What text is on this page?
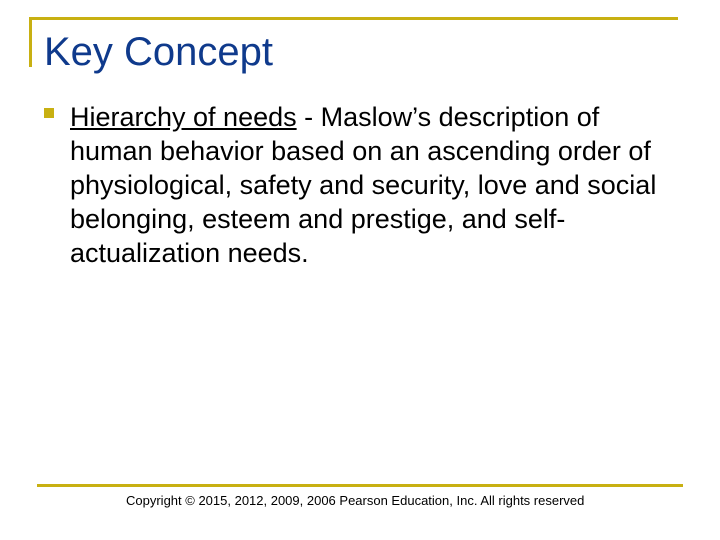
Key Concept

Hierarchy of needs - Maslow’s description of human behavior based on an ascending order of physiological, safety and security, love and social belonging, esteem and prestige, and self-actualization needs.

Copyright © 2015, 2012, 2009, 2006 Pearson Education, Inc. All rights reserved
